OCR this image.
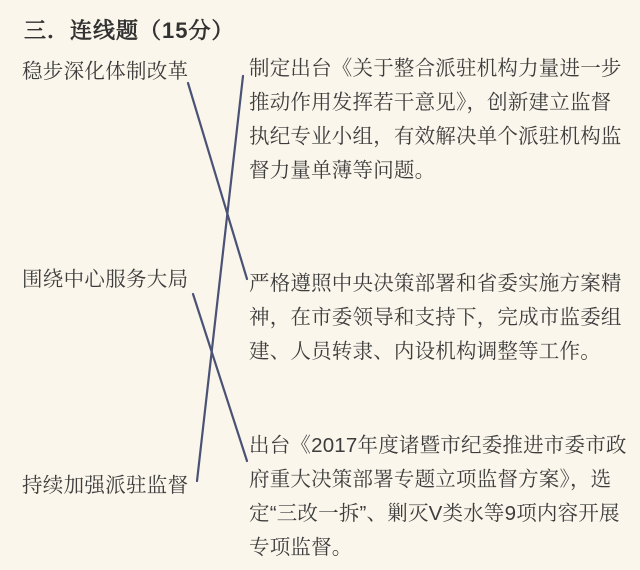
三．连线题（15分）
稳步深化体制改革
围绕中心服务大局
持续加强派驻监督
制定出台《关于整合派驻机构力量进一步
推动作用发挥若干意见》，创新建立监督
执纪专业小组，有效解决单个派驻机构监
督力量单薄等问题。
严格遵照中央决策部署和省委实施方案精
神，在市委领导和支持下，完成市监委组
建、人员转隶、内设机构调整等工作。
出台《2017年度诸暨市纪委推进市委市政
府重大决策部署专题立项监督方案》，选
定“三改一拆”、剿灭V类水等9项内容开展
专项监督。
